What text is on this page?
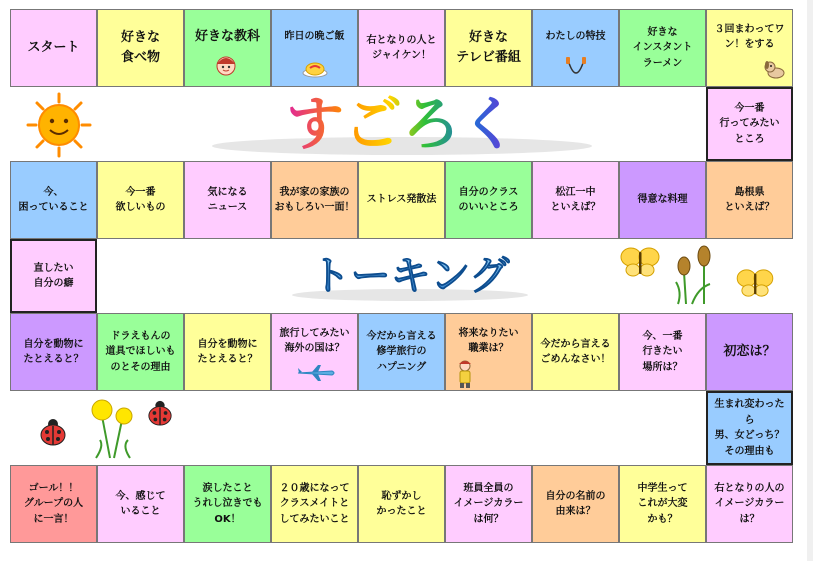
スタート
好きな
食べ物
好きな教科 昨日の晩ご飯 右となりの人と
ジャイケン！
好きな
テレビ番組
わたしの特技	好きな
インスタント
ラーメン
３回まわってワ
ン！をする
今、
困っていること
今一番
欲しいもの
気になる
ニュース
我が家の家族の
おもしろい一面！
ストレス発散法
自分のクラス
のいいところ
松江一中
といえば？
得意な料理
島根県
といえば？
自分を動物に
たとえると？
ドラえもんの
道具でほしいも
のとその理由
自分を動物に
たとえると？
旅行してみたい
海外の国は？
今だから言える
修学旅行の
ハプニング
将来なりたい
職業は？	今だから言える
ごめんなさい！
今、一番
行きたい
場所は？
初恋は？
ゴール！！
グループの人
に一言！
今、感じて
いること
涙したこと
うれし泣きでも
OK！
２０歳になって
クラスメイトと
してみたいこと
恥ずかし
かったこと
班員全員の
イメージカラー
は何？
自分の名前の
由来は？
中学生って
これが大変
かも？
右となりの人の
イメージカラー
は？
今一番
行ってみたい
ところ
直したい
自分の癖
生まれ変わったら
男、女どっち？
その理由も
すごろく
トーキング
